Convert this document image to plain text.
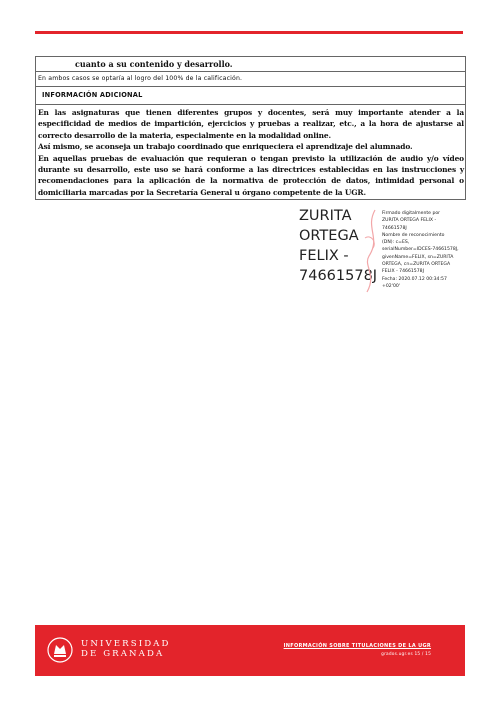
cuanto a su contenido y desarrollo.
En ambos casos se optaría al logro del 100% de la calificación.
INFORMACIÓN ADICIONAL

En las asignaturas que tienen diferentes grupos y docentes, será muy importante atender a la especificidad de medios de impartición, ejercicios y pruebas a realizar, etc., a la hora de ajustarse al correcto desarrollo de la materia, especialmente en la modalidad online.

Así mismo, se aconseja un trabajo coordinado que enriqueciera el aprendizaje del alumnado.

En aquellas pruebas de evaluación que requieran o tengan previsto la utilización de audio y/o vídeo durante su desarrollo, este uso se hará conforme a las directrices establecidas en las instrucciones y recomendaciones para la aplicación de la normativa de protección de datos, intimidad personal o domiciliaria marcadas por la Secretaría General u órgano competente de la UGR.

ZURITA
ORTEGA
FELIX -
74661578J
Firmado digitalmente por
ZURITA ORTEGA FELIX -
74661578J
Nombre de reconocimiento
(DN): c=ES,
serialNumber=IDCES-74661578J,
givenName=FELIX, sn=ZURITA
ORTEGA, cn=ZURITA ORTEGA
FELIX - 74661578J
Fecha: 2020.07.12 00:34:57
+02'00'
UNIVERSIDAD
DE GRANADA
INFORMACIÓN SOBRE TITULACIONES DE LA UGR
grados.ugr.es 15 / 15
